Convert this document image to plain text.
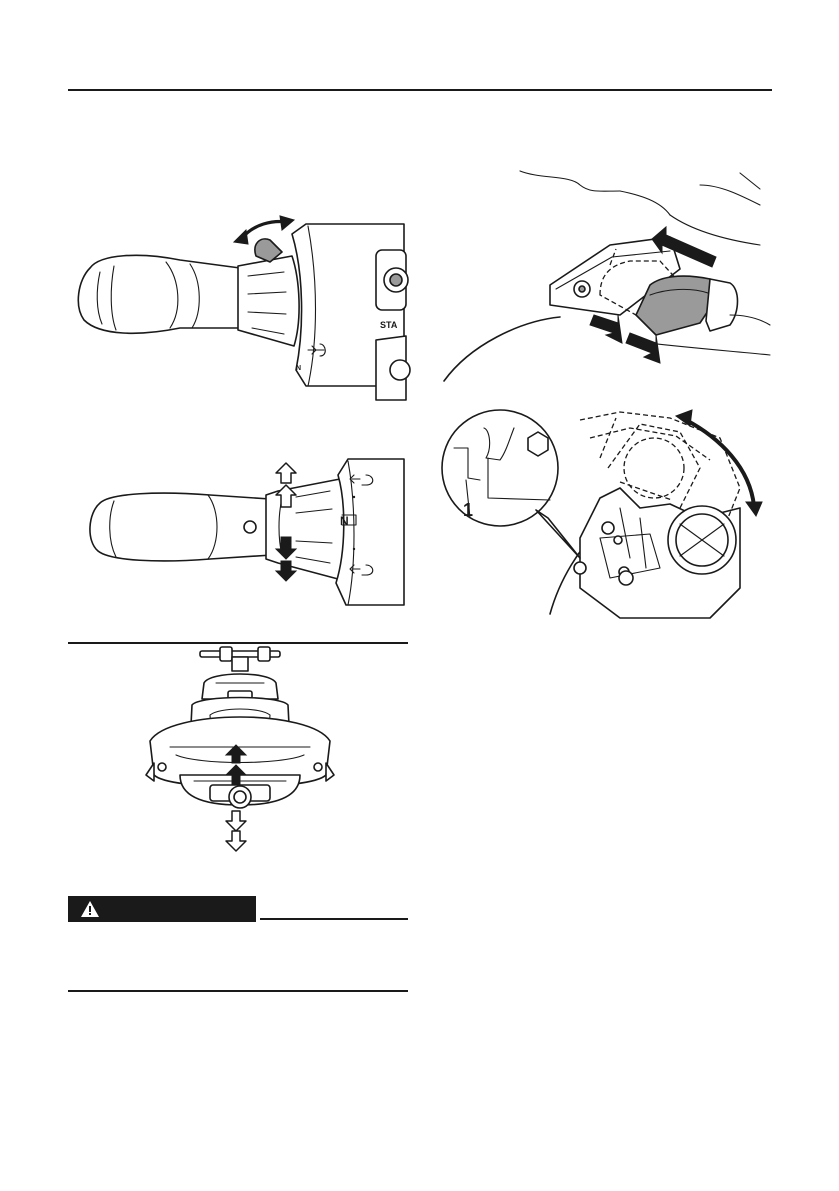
N
STA
N
1
